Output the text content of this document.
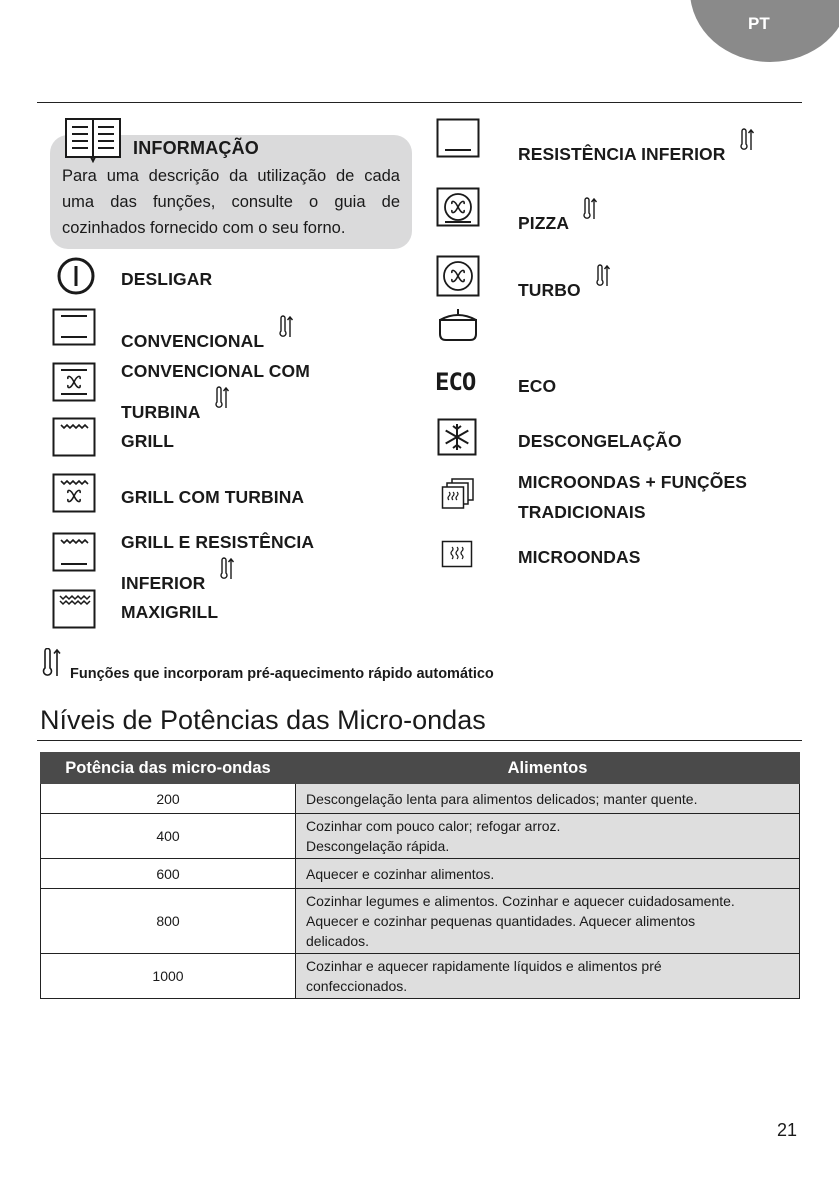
PT
INFORMAÇÃO
Para uma descrição da utilização de cada uma das funções, consulte o guia de cozinhados fornecido com o seu forno.
DESLIGAR
CONVENCIONAL
CONVENCIONAL COM
TURBINA
GRILL
GRILL COM TURBINA
GRILL E RESISTÊNCIA
INFERIOR
MAXIGRILL
RESISTÊNCIA INFERIOR
PIZZA
TURBO
ECO ECO
DESCONGELAÇÃO
MICROONDAS + FUNÇÕES
TRADICIONAIS
MICROONDAS
Funções que incorporam pré-aquecimento rápido automático
Níveis de Potências das Micro-ondas
Potência das micro-ondas	Alimentos
200	Descongelação lenta para alimentos delicados; manter quente.

400	Cozinhar com pouco calor; refogar arroz.
Descongelação rápida.

600	Aquecer e cozinhar alimentos.

800	Cozinhar legumes e alimentos. Cozinhar e aquecer cuidadosamente.
Aquecer e cozinhar pequenas quantidades. Aquecer alimentos
delicados.

1000	Cozinhar e aquecer rapidamente líquidos e alimentos pré
confeccionados.
21
